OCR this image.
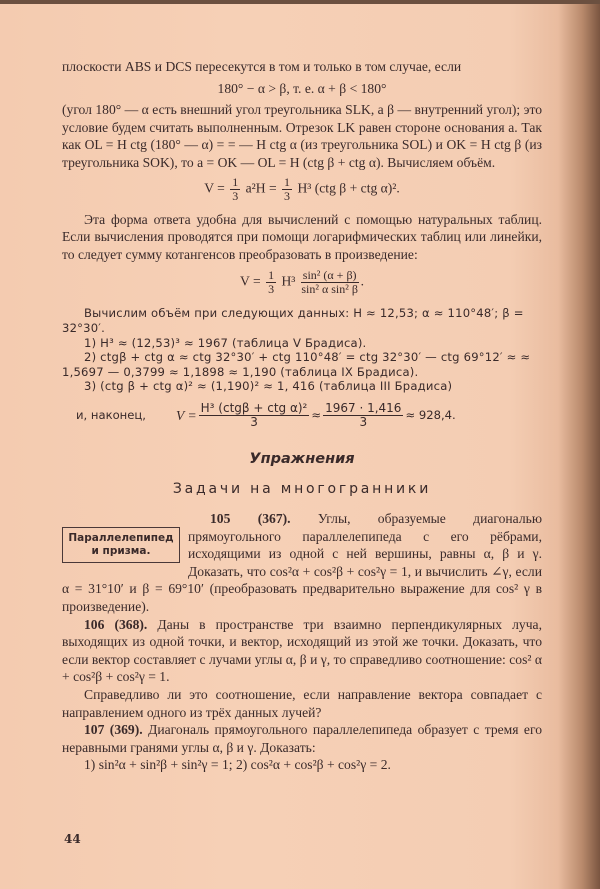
плоскости ABS и DCS пересекутся в том и только в том случае, если

180° − α > β, т. е. α + β < 180°

(угол 180° — α есть внешний угол треугольника SLK, а β — внутренний угол); это условие будем считать выполненным. Отрезок LK равен стороне основания a. Так как OL = H ctg (180° — α) = = — H ctg α (из треугольника SOL) и OK = H ctg β (из треугольника SOK), то a = OK — OL = H (ctg β + ctg α). Вычисляем объём.

$V = \frac{1}{3} a^2H = \frac{1}{3} H^3$ (ctg β + ctg α)².

Эта форма ответа удобна для вычислений с помощью натуральных таблиц. Если вычисления проводятся при помощи логарифмических таблиц или линейки, то следует сумму котангенсов преобразовать в произведение:

$V = \frac{1}{3} H^3 \frac{\text{sin² (α + β)}}{\text{sin² α sin² β}}$ .

Вычислим объём при следующих данных: H ≈ 12,53; α ≈ 110°48′; β = 32°30′.

1) H³ ≈ (12,53)³ ≈ 1967 (таблица V Брадиса).

2) ctgβ + ctg α ≈ ctg 32°30′ + ctg 110°48′ = ctg 32°30′ — ctg 69°12′ ≈ ≈ 1,5697 — 0,3799 ≈ 1,1898 ≈ 1,190 (таблица IX Брадиса).

3) (ctg β + ctg α)² ≈ (1,190)² ≈ 1, 416 (таблица III Брадиса)

и, наконец,	$V = \frac{\text{H³ (ctgβ + ctg α)²}}{3} \approx \frac{1967 \cdot 1,416}{3} \approx 928,4$.
Упражнения
Задачи на многогранники
Параллелепипед и призма.

105 (367). Углы, образуемые диагональю прямоугольного параллелепипеда с его рёбрами, исходящими из одной с ней вершины, равны α, β и γ. Доказать, что cos²α + cos²β + cos²γ = 1, и вычислить ∠γ, если α = 31°10′ и β = 69°10′ (преобразовать предварительно выражение для cos² γ в произведение).

106 (368). Даны в пространстве три взаимно перпендикулярных луча, выходящих из одной точки, и вектор, исходящий из этой же точки. Доказать, что если вектор составляет с лучами углы α, β и γ, то справедливо соотношение: cos² α + cos²β + cos²γ = 1.

Справедливо ли это соотношение, если направление вектора совпадает с направлением одного из трёх данных лучей?

107 (369). Диагональ прямоугольного параллелепипеда образует с тремя его неравными гранями углы α, β и γ. Доказать:

1) sin²α + sin²β + sin²γ = 1; 2) cos²α + cos²β + cos²γ = 2.

44
